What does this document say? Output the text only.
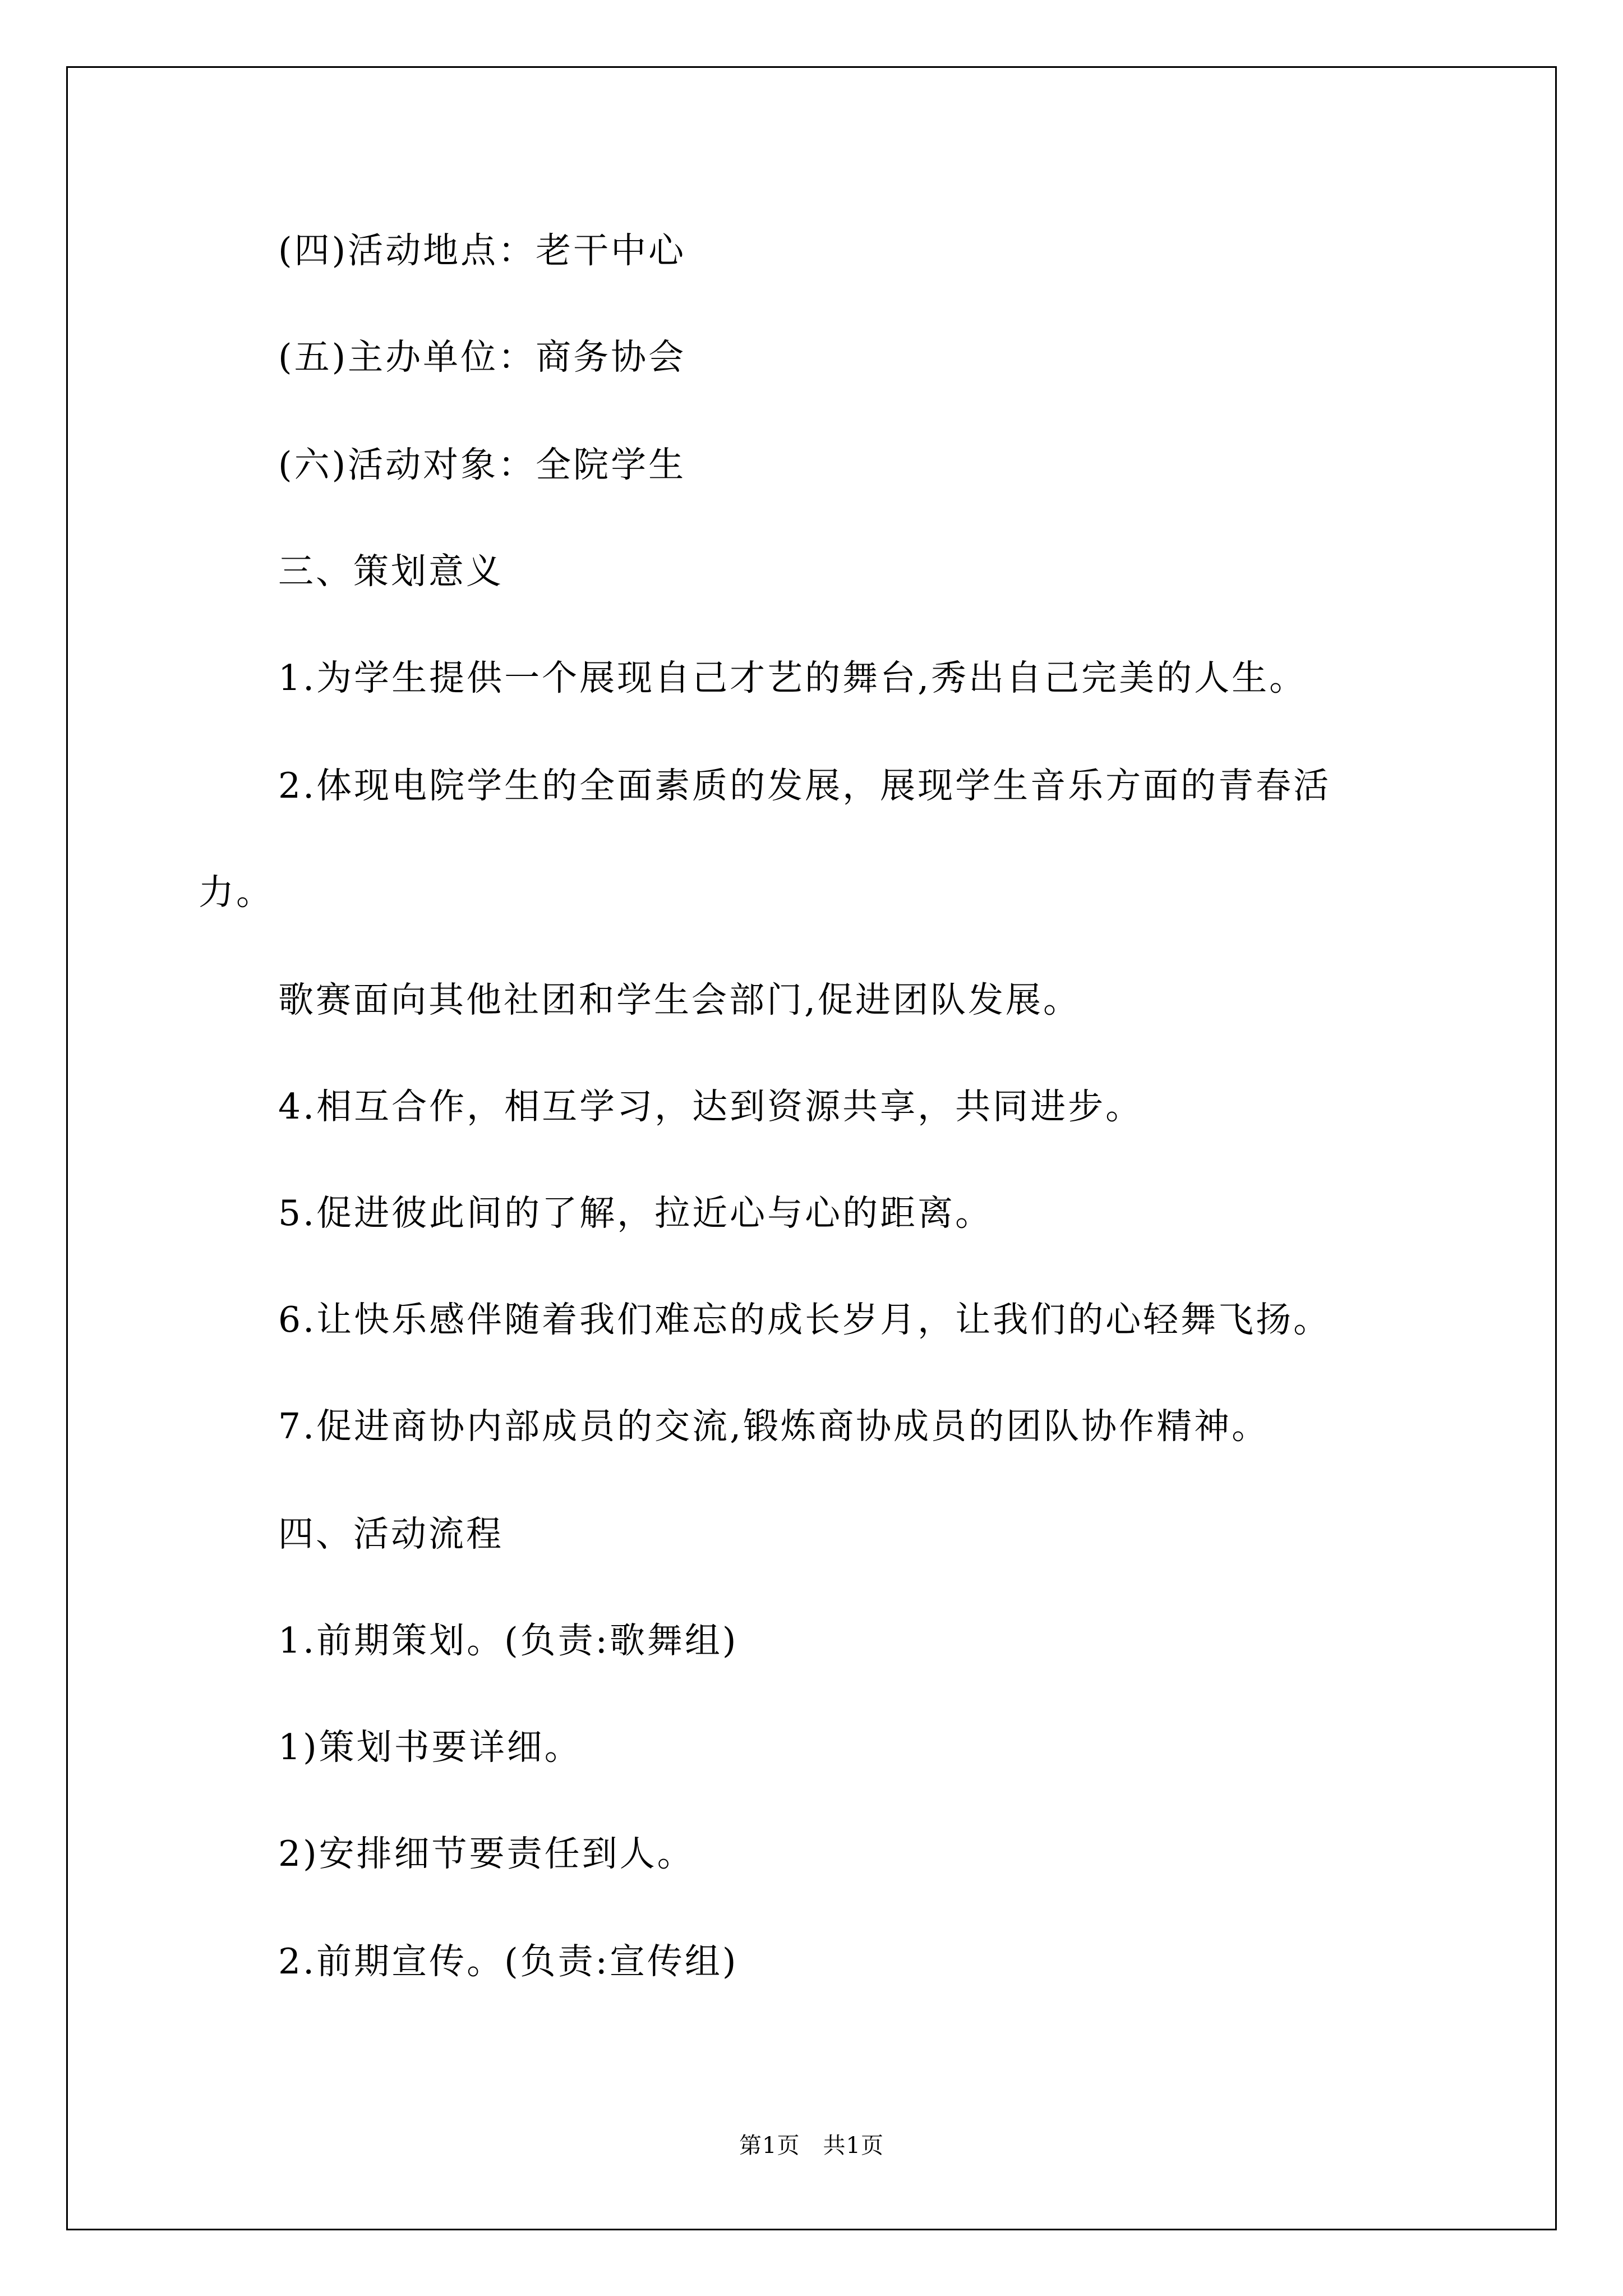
(四)活动地点：老干中心
(五)主办单位：商务协会
(六)活动对象：全院学生
三、策划意义
1.为学生提供一个展现自己才艺的舞台,秀出自己完美的人生。
2.体现电院学生的全面素质的发展，展现学生音乐方面的青春活
力。
歌赛面向其他社团和学生会部门,促进团队发展。
4.相互合作，相互学习，达到资源共享，共同进步。
5.促进彼此间的了解，拉近心与心的距离。
6.让快乐感伴随着我们难忘的成长岁月，让我们的心轻舞飞扬。
7.促进商协内部成员的交流,锻炼商协成员的团队协作精神。
四、活动流程
1.前期策划。(负责:歌舞组)
1)策划书要详细。
2)安排细节要责任到人。
2.前期宣传。(负责:宣传组)
第1页　共1页
